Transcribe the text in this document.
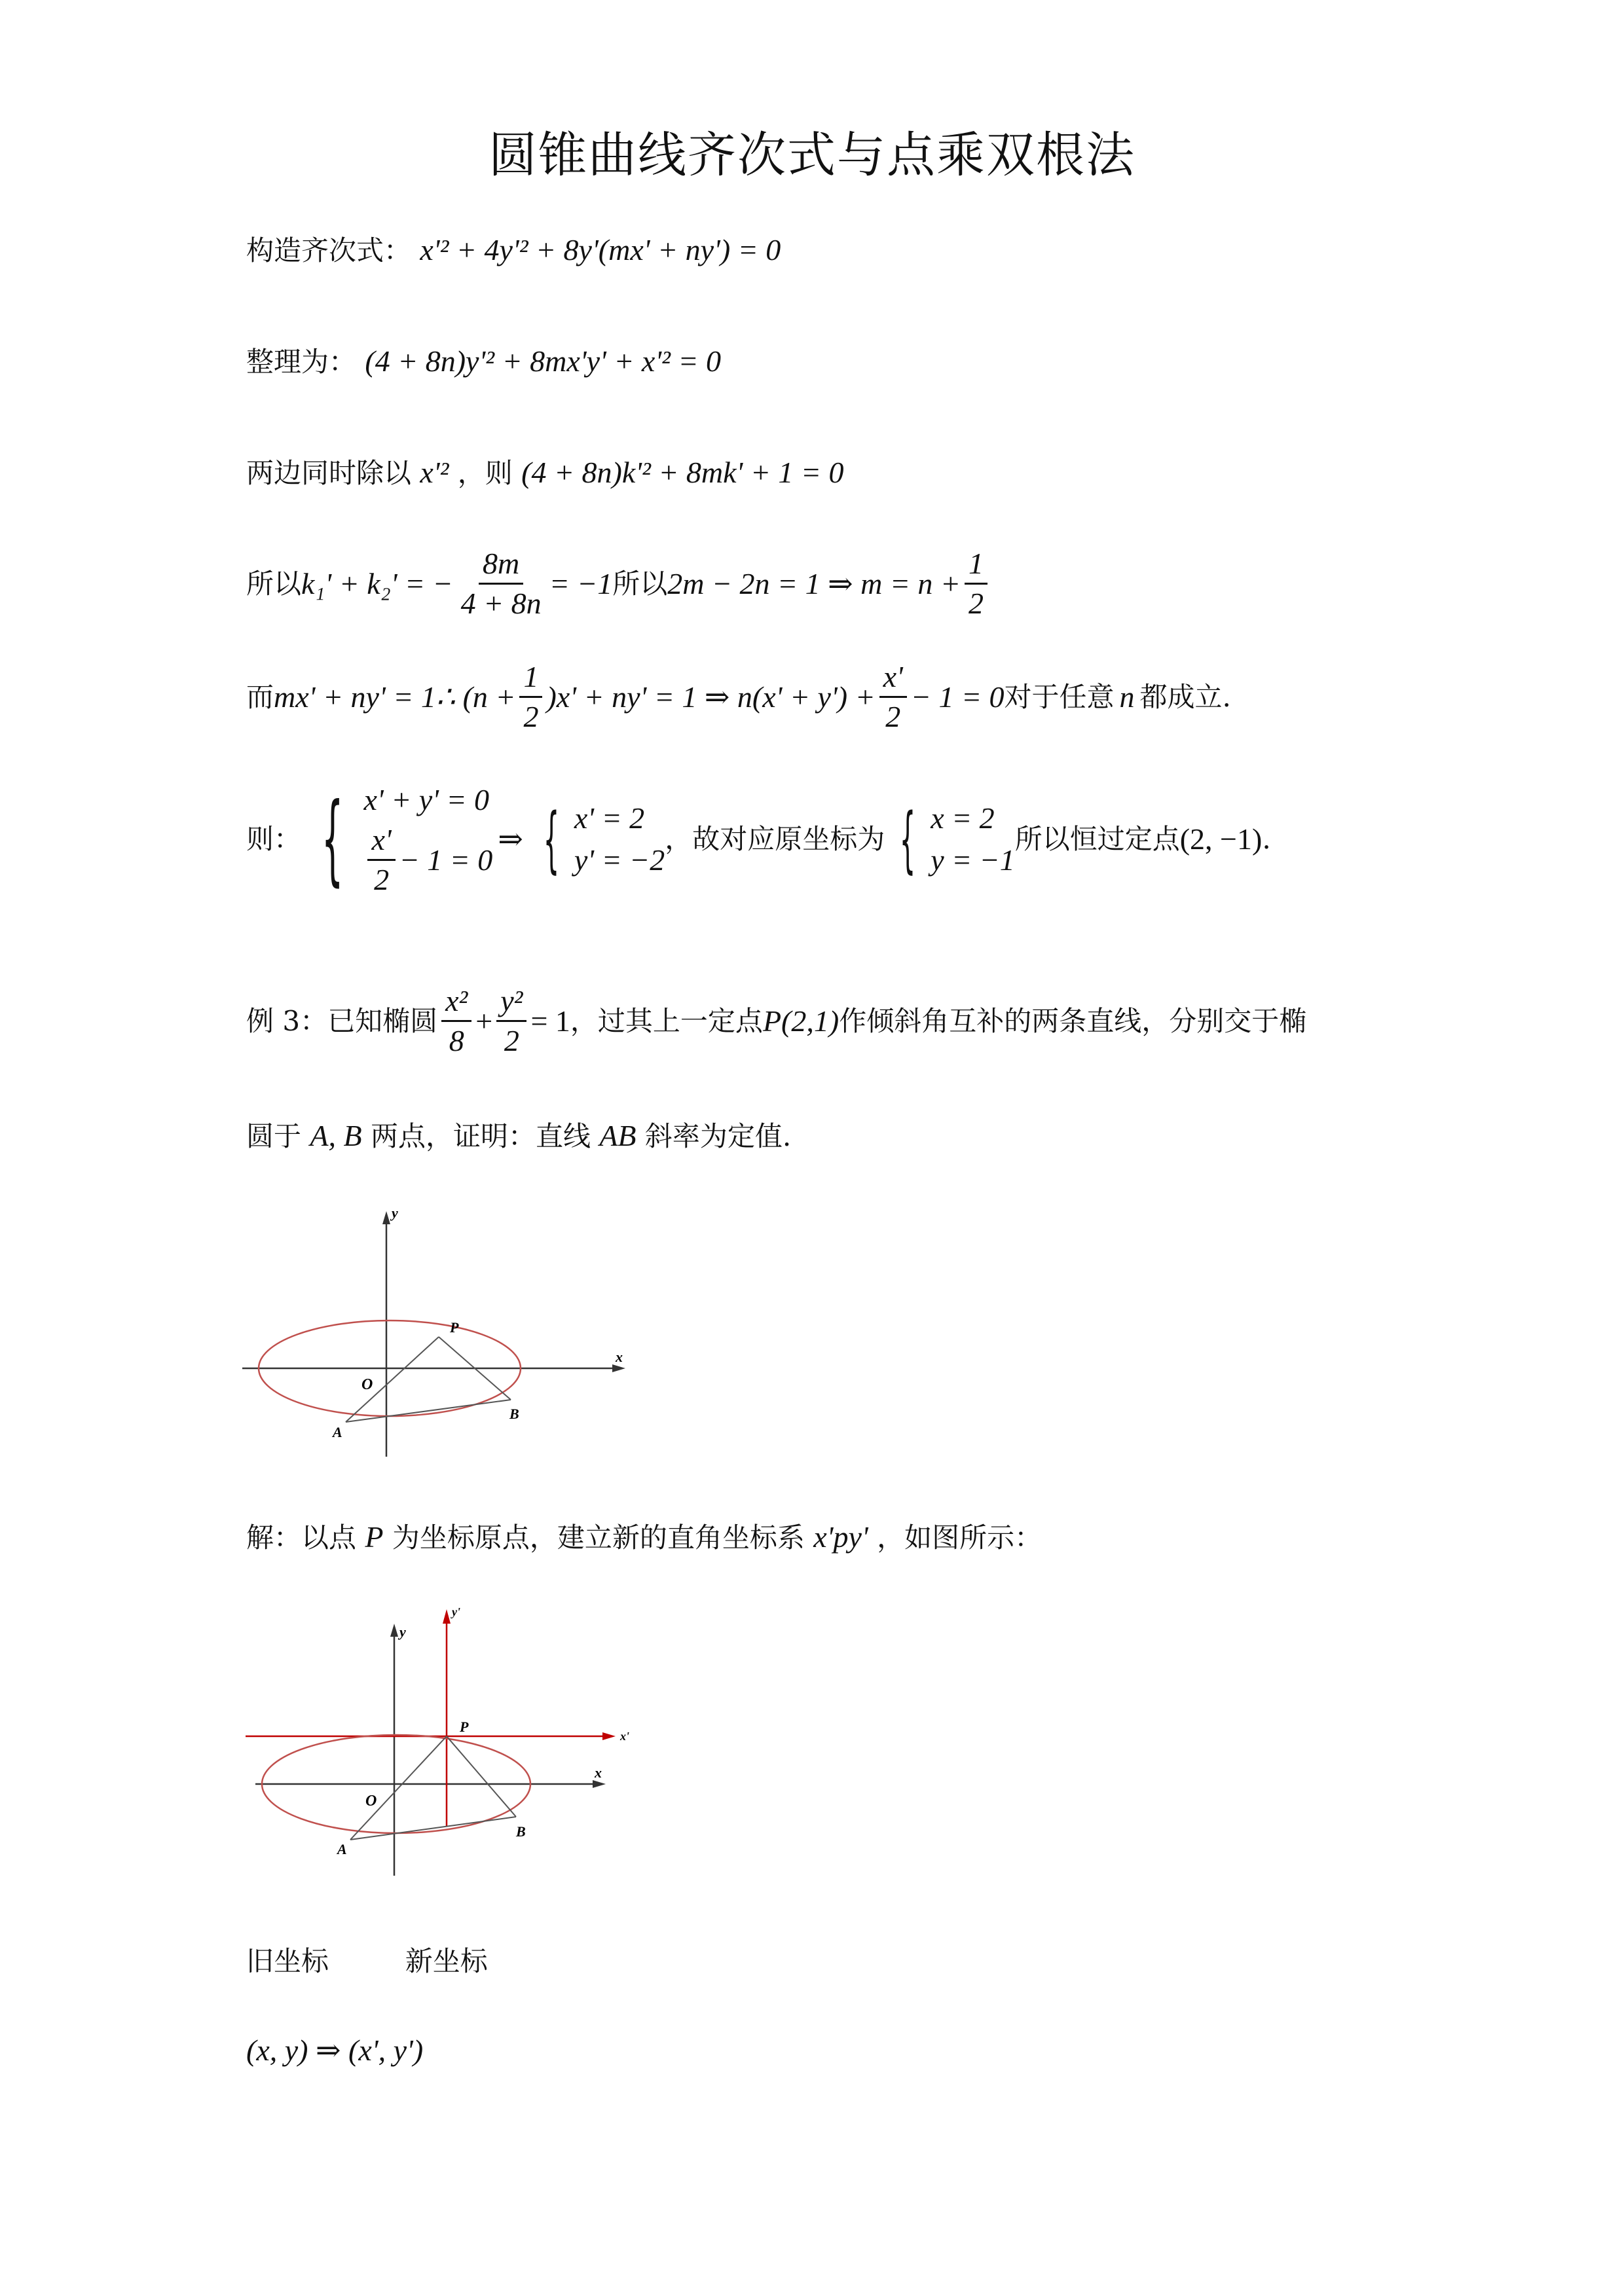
圆锥曲线齐次式与点乘双根法
构造齐次式： x'² + 4y'² + 8y'(mx' + ny') = 0
整理为： (4 + 8n)y'² + 8mx'y' + x'² = 0
两边同时除以 x'² ，则 (4 + 8n)k'² + 8mk' + 1 = 0
所以 k₁' + k₂' = − $\frac{8m}{4 + 8n} = -1$ 所以 2m − 2n = 1 ⇒ $m = n + \frac{1}{2}$
而 mx' + ny' = 1∴ $(n + \frac{1}{2} )x' + ny' = 1$ ⇒ $n(x' + y') + \frac{x'}{2} - 1 = 0$ 对于任意 n 都成立.
则： { x' + y' = 0
$\frac{x'}{2} - 1 = 0$
⇒ { x' = 2
y' = −2
，故对应原坐标为 { x = 2
y = −1
所以恒过定点 (2, −1) .
例 3：已知椭圆 $\frac{\text{x²}}{8} + \frac{\text{y²}}{2} = 1$ ，过其上一定点 P(2,1) 作倾斜角互补的两条直线，分别交于椭
圆于 A, B 两点，证明：直线 AB 斜率为定值.
y
x
O
P
A
B
解：以点 P 为坐标原点，建立新的直角坐标系 x'py' ，如图所示：
y
x
y'
x'
O
P
A
B
旧坐标	新坐标
(x, y) ⇒ (x', y')
